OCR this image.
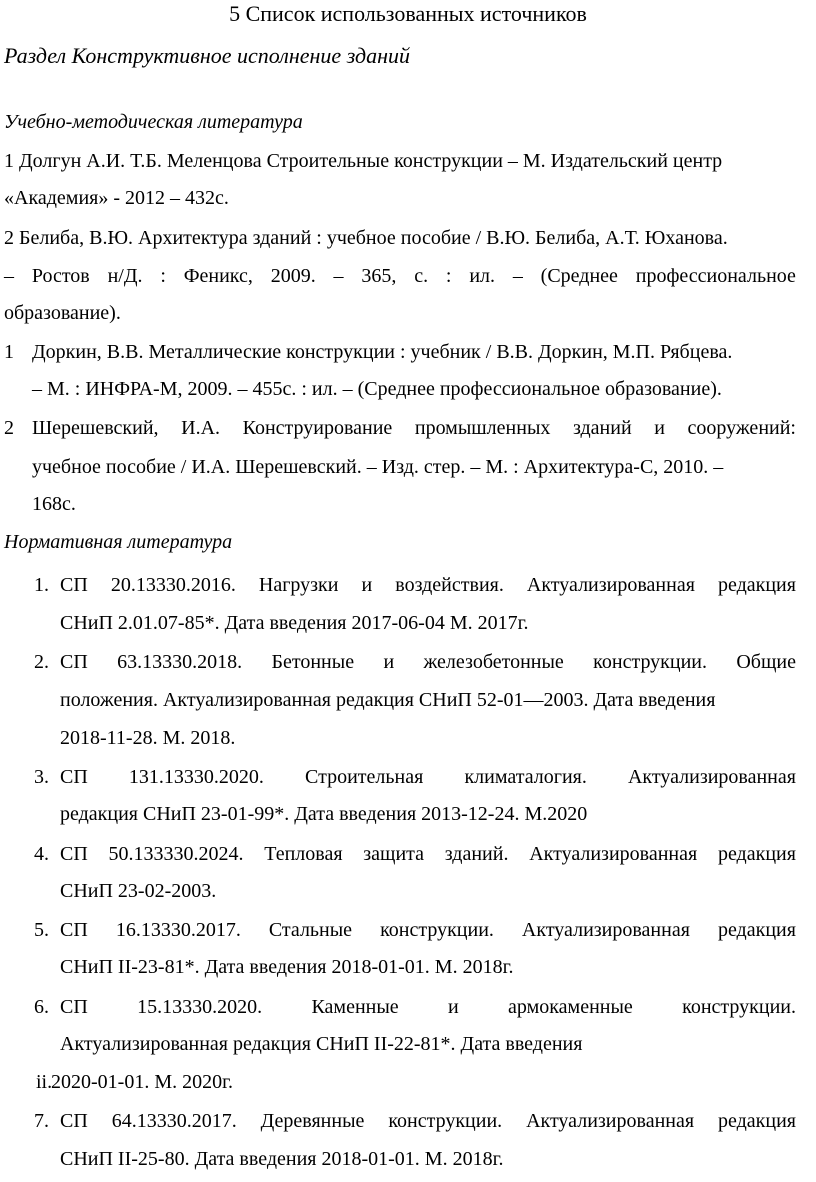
5 Список использованных источников
Раздел Конструктивное исполнение зданий
Учебно-методическая литература
1 Долгун А.И. Т.Б. Меленцова Строительные конструкции – М. Издательский центр
«Академия» - 2012 – 432с.
2 Белиба, В.Ю. Архитектура зданий : учебное пособие / В.Ю. Белиба, А.Т. Юханова.
– Ростов н/Д. : Феникс, 2009. – 365, с. : ил. – (Среднее профессиональное
образование).
1 Доркин, В.В. Металлические конструкции : учебник / В.В. Доркин, М.П. Рябцева.
– М. : ИНФРА-М, 2009. – 455с. : ил. – (Среднее профессиональное образование).
2 Шерешевский, И.А. Конструирование промышленных зданий и сооружений:
учебное пособие / И.А. Шерешевский. – Изд. стер. – М. : Архитектура-С, 2010. –
168с.
Нормативная литература
1. СП 20.13330.2016. Нагрузки и воздействия. Актуализированная редакция
СНиП 2.01.07-85*. Дата введения 2017-06-04 М. 2017г.
2. СП 63.13330.2018. Бетонные и железобетонные конструкции. Общие
положения. Актуализированная редакция СНиП 52-01—2003. Дата введения
2018-11-28. М. 2018.
3. СП 131.13330.2020. Строительная климаталогия. Актуализированная
редакция СНиП 23-01-99*. Дата введения 2013-12-24. М.2020
4. СП 50.133330.2024. Тепловая защита зданий. Актуализированная редакция
СНиП 23-02-2003.
5. СП 16.13330.2017. Стальные конструкции. Актуализированная редакция
СНиП II-23-81*. Дата введения 2018-01-01. М. 2018г.
6. СП 15.13330.2020. Каменные и армокаменные конструкции.
Актуализированная редакция СНиП II-22-81*. Дата введения
ii.
2020-01-01. М. 2020г.
7. СП 64.13330.2017. Деревянные конструкции. Актуализированная редакция
СНиП II-25-80. Дата введения 2018-01-01. М. 2018г.
